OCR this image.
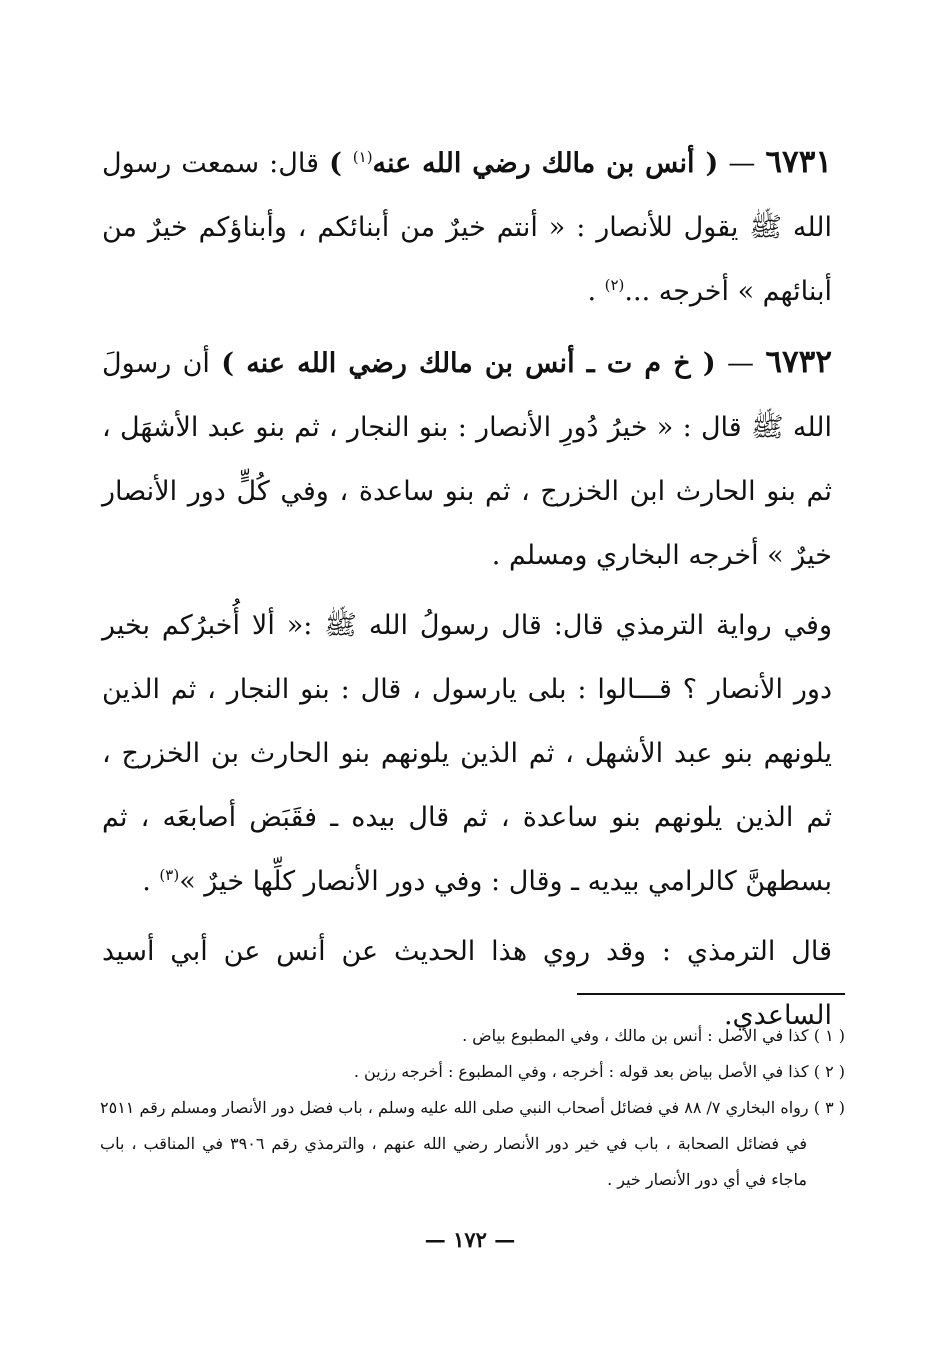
٦٧٣١ — ( أنس بن مالك رضي الله عنه$^{(١)}$ ) قال: سمعت رسول الله ﷺ يقول للأنصار : « أنتم خيرٌ من أبنائكم ، وأبناؤكم خيرٌ من أبنائهم » أخرجه ...$^{(٢)}$ .

٦٧٣٢ — ( خ م ت ـ أنس بن مالك رضي الله عنه ) أن رسولَ الله ﷺ قال : « خيرُ دُورِ الأنصار : بنو النجار ، ثم بنو عبد الأشهَل ، ثم بنو الحارث ابن الخزرج ، ثم بنو ساعدة ، وفي كُلٍّ دور الأنصار خيرٌ » أخرجه البخاري ومسلم .

وفي رواية الترمذي قال: قال رسولُ الله ﷺ :« ألا أُخبرُكم بخير دور الأنصار ؟ قـــالوا : بلى يارسول ، قال : بنو النجار ، ثم الذين يلونهم بنو عبد الأشهل ، ثم الذين يلونهم بنو الحارث بن الخزرج ، ثم الذين يلونهم بنو ساعدة ، ثم قال بيده ـ فقَبَض أصابعَه ، ثم بسطهنَّ كالرامي بيديه ـ وقال : وفي دور الأنصار كلِّها خيرٌ »$^{(٣)}$ .

قال الترمذي : وقد روي هذا الحديث عن أنس عن أبي أسيد الساعدي.

( ١ ) كذا في الأصل : أنس بن مالك ، وفي المطبوع بياض .

( ٢ ) كذا في الأصل بياض بعد قوله : أخرجه ، وفي المطبوع : أخرجه رزين .

( ٣ ) رواه البخاري ٧/ ٨٨ في فضائل أصحاب النبي صلى الله عليه وسلم ، باب فضل دور الأنصار ومسلم رقم ٢٥١١ في فضائل الصحابة ، باب في خير دور الأنصار رضي الله عنهم ، والترمذي رقم ٣٩٠٦ في المناقب ، باب ماجاء في أي دور الأنصار خير .

— ١٧٢ —
